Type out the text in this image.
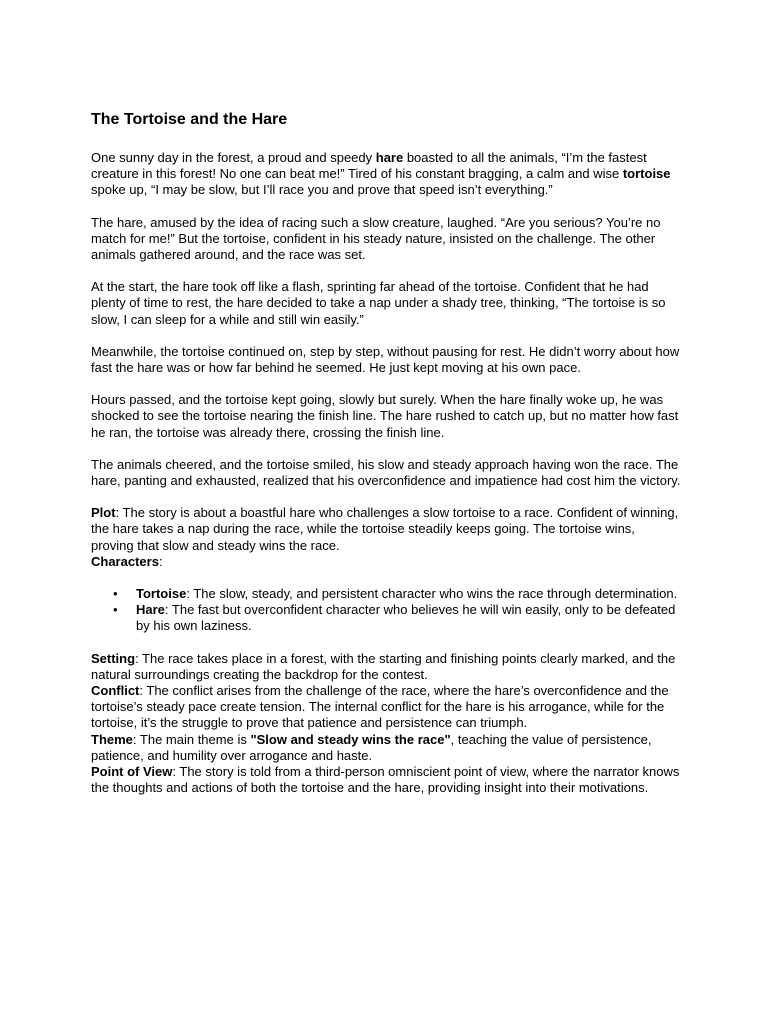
The Tortoise and the Hare

One sunny day in the forest, a proud and speedy hare boasted to all the animals, “I’m the fastest creature in this forest! No one can beat me!” Tired of his constant bragging, a calm and wise tortoise spoke up, “I may be slow, but I’ll race you and prove that speed isn’t everything.”

The hare, amused by the idea of racing such a slow creature, laughed. “Are you serious? You’re no match for me!” But the tortoise, confident in his steady nature, insisted on the challenge. The other animals gathered around, and the race was set.

At the start, the hare took off like a flash, sprinting far ahead of the tortoise. Confident that he had plenty of time to rest, the hare decided to take a nap under a shady tree, thinking, “The tortoise is so slow, I can sleep for a while and still win easily.”

Meanwhile, the tortoise continued on, step by step, without pausing for rest. He didn’t worry about how fast the hare was or how far behind he seemed. He just kept moving at his own pace.

Hours passed, and the tortoise kept going, slowly but surely. When the hare finally woke up, he was shocked to see the tortoise nearing the finish line. The hare rushed to catch up, but no matter how fast he ran, the tortoise was already there, crossing the finish line.

The animals cheered, and the tortoise smiled, his slow and steady approach having won the race. The hare, panting and exhausted, realized that his overconfidence and impatience had cost him the victory.

Plot: The story is about a boastful hare who challenges a slow tortoise to a race. Confident of winning, the hare takes a nap during the race, while the tortoise steadily keeps going. The tortoise wins, proving that slow and steady wins the race.
Characters:
• Tortoise: The slow, steady, and persistent character who wins the race through determination.
• Hare: The fast but overconfident character who believes he will win easily, only to be defeated by his own laziness.
Setting: The race takes place in a forest, with the starting and finishing points clearly marked, and the natural surroundings creating the backdrop for the contest.
Conflict: The conflict arises from the challenge of the race, where the hare’s overconfidence and the tortoise’s steady pace create tension. The internal conflict for the hare is his arrogance, while for the tortoise, it’s the struggle to prove that patience and persistence can triumph.
Theme: The main theme is "Slow and steady wins the race", teaching the value of persistence, patience, and humility over arrogance and haste.
Point of View: The story is told from a third-person omniscient point of view, where the narrator knows the thoughts and actions of both the tortoise and the hare, providing insight into their motivations.
